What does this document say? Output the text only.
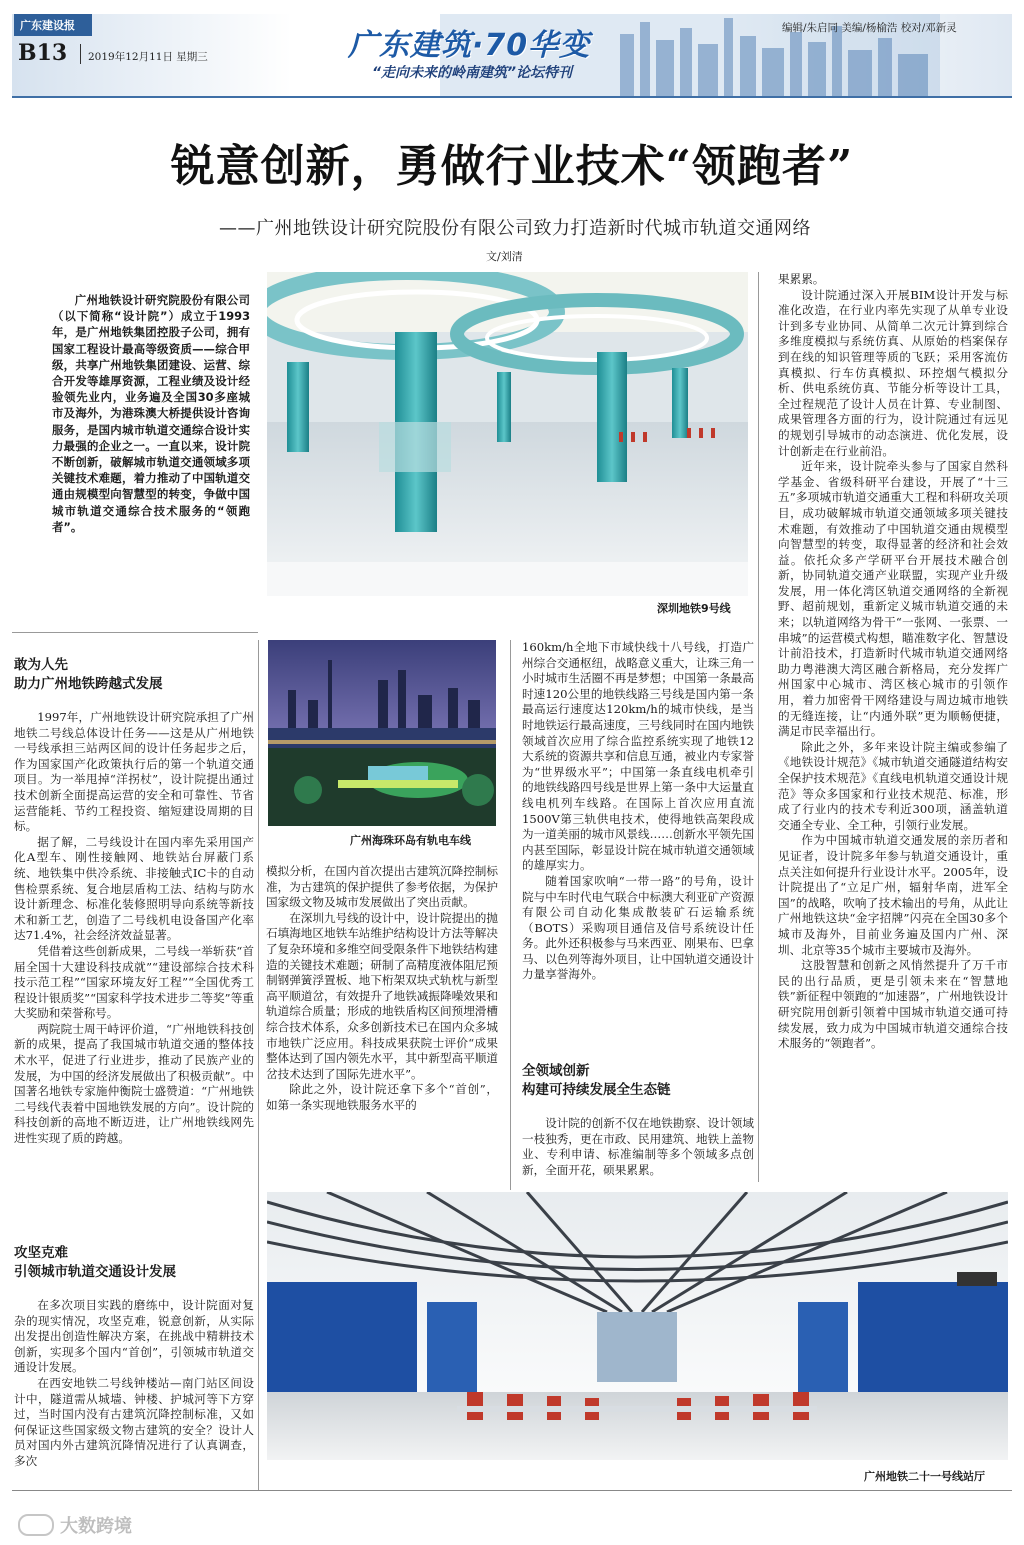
广东建设报
B13 2019年12月11日 星期三	广东建筑·70华变
“走向未来的岭南建筑”论坛特刊
编辑/朱启同 美编/杨榆浩 校对/邓新灵
锐意创新，勇做行业技术“领跑者”
——广州地铁设计研究院股份有限公司致力打造新时代城市轨道交通网络
文/刘清

广州地铁设计研究院股份有限公司（以下简称“设计院”）成立于1993年，是广州地铁集团控股子公司，拥有国家工程设计最高等级资质——综合甲级，共享广州地铁集团建设、运营、综合开发等雄厚资源，工程业绩及设计经验领先业内，业务遍及全国30多座城市及海外，为港珠澳大桥提供设计咨询服务，是国内城市轨道交通综合设计实力最强的企业之一。一直以来，设计院不断创新，破解城市轨道交通领域多项关键技术难题，着力推动了中国轨道交通由规模型向智慧型的转变，争做中国城市轨道交通综合技术服务的“领跑者”。

深圳地铁9号线

果累累。

设计院通过深入开展BIM设计开发与标准化改造，在行业内率先实现了从单专业设计到多专业协同、从简单二次元计算到综合多维度模拟与系统仿真、从原始的档案保存到在线的知识管理等质的飞跃；采用客流仿真模拟、行车仿真模拟、环控烟气模拟分析、供电系统仿真、节能分析等设计工具，全过程规范了设计人员在计算、专业制图、成果管理各方面的行为，设计院通过有远见的规划引导城市的动态演进、优化发展，设计创新走在行业前沿。

近年来，设计院牵头参与了国家自然科学基金、省级科研平台建设，开展了“十三五”多项城市轨道交通重大工程和科研攻关项目，成功破解城市轨道交通领域多项关键技术难题，有效推动了中国轨道交通由规模型向智慧型的转变，取得显著的经济和社会效益。依托众多产学研平台开展技术融合创新，协同轨道交通产业联盟，实现产业升级发展，用一体化湾区轨道交通网络的全新视野、超前规划，重新定义城市轨道交通的未来；以轨道网络为骨干“一张网、一张票、一串城”的运营模式构想，瞄准数字化、智慧设计前沿技术，打造新时代城市轨道交通网络助力粤港澳大湾区融合新格局，充分发挥广州国家中心城市、湾区核心城市的引领作用，着力加密骨干网络建设与周边城市地铁的无缝连接，让“内通外联”更为顺畅便捷，满足市民幸福出行。

除此之外，多年来设计院主编或参编了《地铁设计规范》《城市轨道交通隧道结构安全保护技术规范》《直线电机轨道交通设计规范》等众多国家和行业技术规范、标准，形成了行业内的技术专利近300项，涵盖轨道交通全专业、全工种，引领行业发展。

作为中国城市轨道交通发展的亲历者和见证者，设计院多年参与轨道交通设计，重点关注如何提升行业设计水平。2005年，设计院提出了“立足广州，辐射华南，进军全国”的战略，吹响了技术输出的号角，从此让广州地铁这块“金字招牌”闪亮在全国30多个城市及海外，目前业务遍及国内广州、深圳、北京等35个城市主要城市及海外。

这股智慧和创新之风悄然提升了万千市民的出行品质，更是引领未来在“智慧地铁”新征程中领跑的“加速器”，广州地铁设计研究院用创新引领着中国城市轨道交通可持续发展，致力成为中国城市轨道交通综合技术服务的“领跑者”。

敢为人先
助力广州地铁跨越式发展

1997年，广州地铁设计研究院承担了广州地铁二号线总体设计任务——这是从广州地铁一号线承担三站两区间的设计任务起步之后，作为国家国产化政策执行后的第一个轨道交通项目。为一举甩掉“洋拐杖”，设计院提出通过技术创新全面提高运营的安全和可靠性、节省运营能耗、节约工程投资、缩短建设周期的目标。

据了解，二号线设计在国内率先采用国产化A型车、刚性接触网、地铁站台屏蔽门系统、地铁集中供冷系统、非接触式IC卡的自动售检票系统、复合地层盾构工法、结构与防水设计新理念、标准化装修照明导向系统等新技术和新工艺，创造了二号线机电设备国产化率达71.4%，社会经济效益显著。

凭借着这些创新成果，二号线一举斩获“首届全国十大建设科技成就”“建设部综合技术科技示范工程”“国家环境友好工程”“全国优秀工程设计银质奖”“国家科学技术进步二等奖”等重大奖励和荣誉称号。

两院院士周干峙评价道，“广州地铁科技创新的成果，提高了我国城市轨道交通的整体技术水平，促进了行业进步，推动了民族产业的发展，为中国的经济发展做出了积极贡献”。中国著名地铁专家施仲衡院士盛赞道：“广州地铁二号线代表着中国地铁发展的方向”。设计院的科技创新的高地不断迈进，让广州地铁线网先进性实现了质的跨越。

攻坚克难
引领城市轨道交通设计发展

在多次项目实践的磨练中，设计院面对复杂的现实情况，攻坚克难，锐意创新，从实际出发提出创造性解决方案，在挑战中精耕技术创新，实现多个国内“首创”，引领城市轨道交通设计发展。

在西安地铁二号线钟楼站—南门站区间设计中，隧道需从城墙、钟楼、护城河等下方穿过，当时国内没有古建筑沉降控制标准，又如何保证这些国家级文物古建筑的安全？设计人员对国内外古建筑沉降情况进行了认真调查，多次

广州海珠环岛有轨电车线

模拟分析，在国内首次提出古建筑沉降控制标准，为古建筑的保护提供了参考依据，为保护国家级文物及城市发展做出了突出贡献。

在深圳九号线的设计中，设计院提出的抛石填海地区地铁车站维护结构设计方法等解决了复杂环境和多维空间受限条件下地铁结构建造的关键技术难题；研制了高精度液体阻尼预制钢弹簧浮置板、地下桁架双块式轨枕与新型高平顺道岔，有效提升了地铁减振降噪效果和轨道综合质量；形成的地铁盾构区间预埋滑槽综合技术体系，众多创新技术已在国内众多城市地铁广泛应用。科技成果获院士评价“成果整体达到了国内领先水平，其中新型高平顺道岔技术达到了国际先进水平”。

除此之外，设计院还拿下多个“首创”，如第一条实现地铁服务水平的

160km/h全地下市域快线十八号线，打造广州综合交通枢纽，战略意义重大，让珠三角一小时城市生活圈不再是梦想；中国第一条最高时速120公里的地铁线路三号线是国内第一条最高运行速度达120km/h的城市快线，是当时地铁运行最高速度，三号线同时在国内地铁领域首次应用了综合监控系统实现了地铁12大系统的资源共享和信息互通，被业内专家誉为“世界级水平”；中国第一条直线电机牵引的地铁线路四号线是世界上第一条中大运量直线电机列车线路。在国际上首次应用直流1500V第三轨供电技术，使得地铁高架段成为一道美丽的城市风景线……创新水平领先国内甚至国际，彰显设计院在城市轨道交通领域的雄厚实力。

随着国家吹响“一带一路”的号角，设计院与中车时代电气联合中标澳大利亚矿产资源有限公司自动化集成散装矿石运输系统（BOTS）采购项目通信及信号系统设计任务。此外还积极参与马来西亚、刚果布、巴拿马、以色列等海外项目，让中国轨道交通设计力量享誉海外。

全领域创新
构建可持续发展全生态链

设计院的创新不仅在地铁勘察、设计领域一枝独秀，更在市政、民用建筑、地铁上盖物业、专利申请、标准编制等多个领域多点创新，全面开花，硕果累累。

广州地铁二十一号线站厅
大数跨境
